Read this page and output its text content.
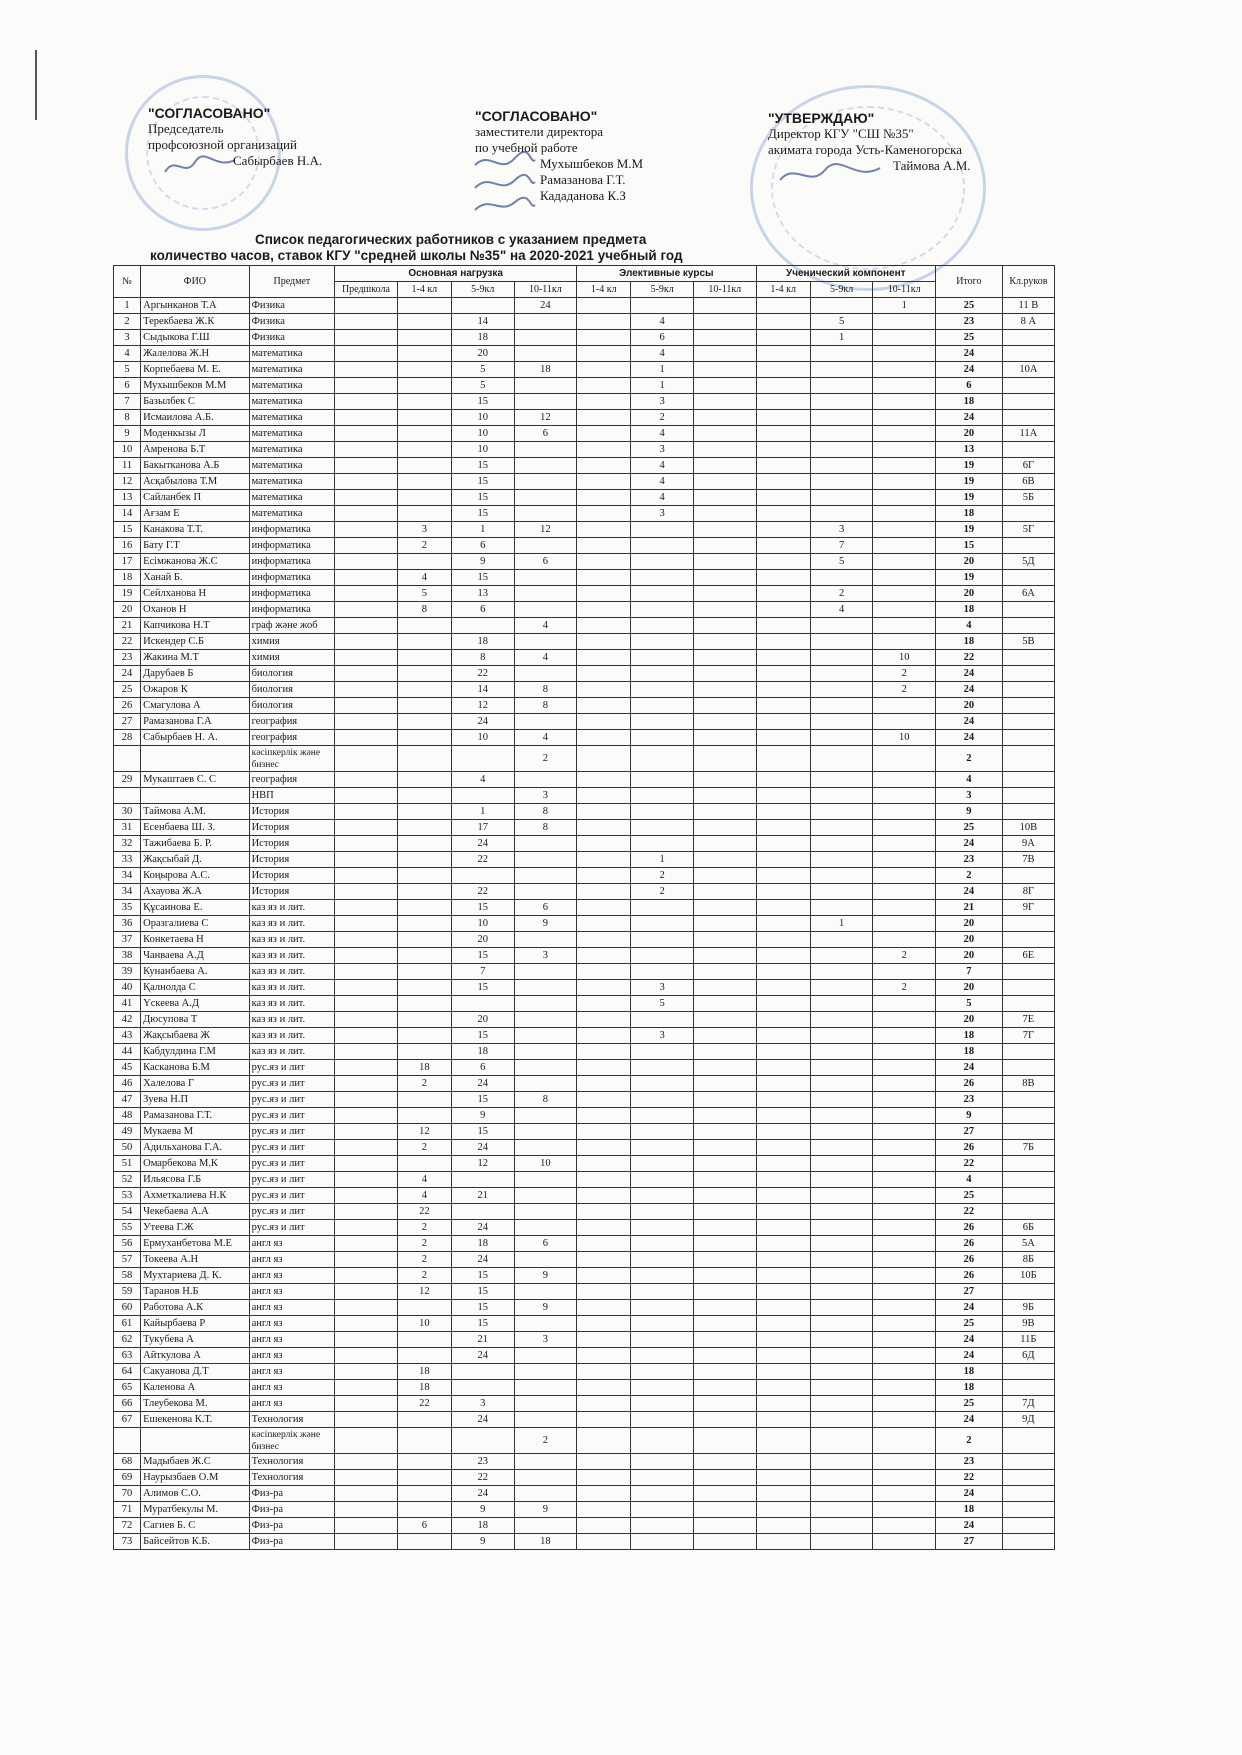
"СОГЛАСОВАНО"
Председатель
профсоюзной организаций
Сабырбаев Н.А.
"СОГЛАСОВАНО"
заместители директора
по учебной работе
Мухышбеков М.М
Рамазанова Г.Т.
Кададанова К.З
"УТВЕРЖДАЮ"
Директор КГУ "СШ №35"
акимата города Усть-Каменогорска
Таймова А.М.
Список педагогических работников с указанием предмета
количество часов, ставок КГУ "средней школы №35" на 2020-2021 учебный год
№	ФИО	Предмет	Основная нагрузка				Элективные курсы			Ученический компонент			Итого	Кл.руков
			Предшкола	1-4 кл	5-9кл	10-11кл	1-4 кл	5-9кл	10-11кл	1-4 кл	5-9кл	10-11кл		
1	Аргынканов Т.А	Физика				24						1	25	11 В
2	Терекбаева Ж.К	Физика			14			4			5		23	8 А
3	Сыдыкова Г.Ш	Физика			18			6			1		25	
4	Жалелова Ж.Н	математика			20			4					24	
5	Корпебаева М. Е.	математика			5	18		1					24	10А
6	Мухышбеков М.М	математика			5			1					6	
7	Базылбек С	математика			15			3					18	
8	Исмаилова А.Б.	математика			10	12		2					24	
9	Моденкызы Л	математика			10	6		4					20	11А
10	Амренова Б.Т	математика			10			3					13	
11	Бакытканова А.Б	математика			15			4					19	6Г
12	Асқабылова Т.М	математика			15			4					19	6В
13	Сайланбек П	математика			15			4					19	5Б
14	Ағзам Е	математика			15			3					18	
15	Канакова Т.Т.	информатика		3	1	12					3		19	5Г
16	Бату Г.Т	информатика		2	6						7		15	
17	Есімжанова Ж.С	информатика			9	6					5		20	5Д
18	Ханай Б.	информатика		4	15								19	
19	Сейлханова Н	информатика		5	13						2		20	6А
20	Оханов Н	информатика		8	6						4		18	
21	Капчикова Н.Т	граф және жоб				4							4	
22	Искендер С.Б	химия			18								18	5В
23	Жакина М.Т	химия			8	4						10	22	
24	Дарубаев Б	биология			22							2	24	
25	Ожаров К	биология			14	8						2	24	
26	Смагулова А	биология			12	8							20	
27	Рамазанова Г.А	география			24								24	
28	Сабырбаев Н. А.	география			10	4						10	24	
		кәсіпкерлік және бизнес				2							2	
29	Мукаштаев С. С	география			4								4	
		НВП				3							3	
30	Таймова А.М.	История			1	8							9	
31	Есенбаева Ш. З.	История			17	8							25	10В
32	Тажибаева Б. Р.	История			24								24	9А
33	Жақсыбай Д.	История			22			1					23	7В
34	Коңырова А.С.	История						2					2	
34	Ахауова Ж.А	История			22			2					24	8Г
35	Құсаинова Е.	каз яз и лит.			15	6							21	9Г
36	Оразгалиева С	каз яз и лит.			10	9					1		20	
37	Конкетаева Н	каз яз и лит.			20								20	
38	Чанваева А.Д	каз яз и лит.			15	3						2	20	6Е
39	Кунанбаева А.	каз яз и лит.			7								7	
40	Қалнолда С	каз яз и лит.			15			3				2	20	
41	Үскеева А.Д	каз яз и лит.						5					5	
42	Дюсупова Т	каз яз и лит.			20								20	7Е
43	Жақсыбаева Ж	каз яз и лит.			15			3					18	7Г
44	Кабдулдина Г.М	каз яз и лит.			18								18	
45	Касканова Б.М	рус.яз и лит		18	6								24	
46	Халелова Г	рус.яз и лит		2	24								26	8В
47	Зуева Н.П	рус.яз и лит			15	8							23	
48	Рамазанова Г.Т.	рус.яз и лит			9								9	
49	Мукаева М	рус.яз и лит		12	15								27	
50	Адильханова Г.А.	рус.яз и лит		2	24								26	7Б
51	Омарбекова М.К	рус.яз и лит			12	10							22	
52	Ильясова Г.Б	рус.яз и лит		4									4	
53	Ахметкалиева Н.К	рус.яз и лит		4	21								25	
54	Чекебаева А.А	рус.яз и лит		22									22	
55	Утеева Г.Ж	рус.яз и лит		2	24								26	6Б
56	Ермуханбетова М.Е	англ яз		2	18	6							26	5А
57	Токеева А.Н	англ яз		2	24								26	8Б
58	Мухтариева Д. К.	англ яз		2	15	9							26	10Б
59	Таранов Н.Б	англ яз		12	15								27	
60	Работова А.К	англ яз			15	9							24	9Б
61	Кайырбаева Р	англ яз		10	15								25	9В
62	Тукубева А	англ яз			21	3							24	11Б
63	Айткулова А	англ яз			24								24	6Д
64	Сакуанова Д.Т	англ яз		18									18	
65	Каленова А	англ яз		18									18	
66	Тлеубекова М.	англ яз		22	3								25	7Д
67	Ешекенова К.Т.	Технология			24								24	9Д
		кәсіпкерлік және бизнес				2							2	
68	Мадыбаев Ж.С	Технология			23								23	
69	Наурызбаев О.М	Технология			22								22	
70	Алимов С.О.	Физ-ра			24								24	
71	Муратбекулы М.	Физ-ра			9	9							18	
72	Сагиев Б. С	Физ-ра		6	18								24	
73	Байсейтов К.Б.	Физ-ра			9	18							27	
